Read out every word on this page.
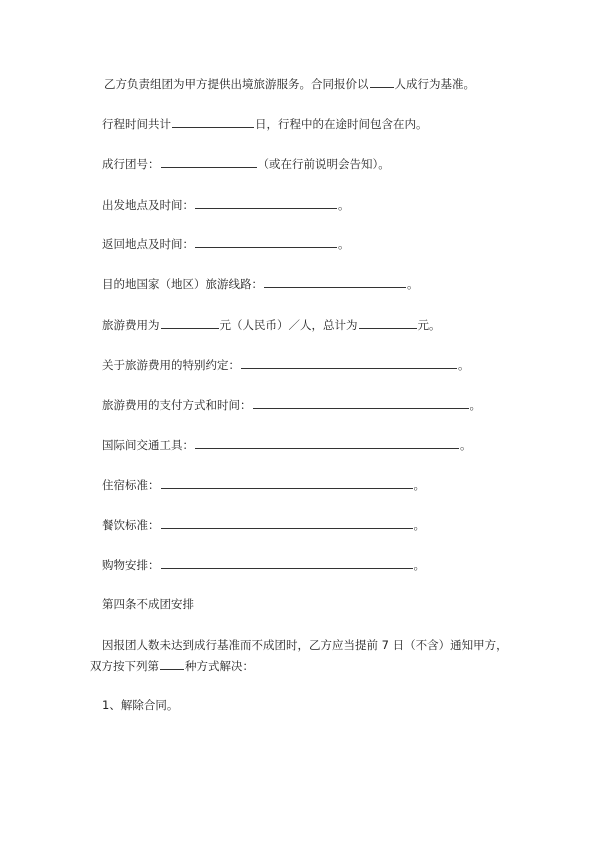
乙方负责组团为甲方提供出境旅游服务。合同报价以 人成行为基准。
行程时间共计	日，行程中的在途时间包含在内。
成行团号：	（或在行前说明会告知）。
出发地点及时间：	。
返回地点及时间：	。
目的地国家（地区）旅游线路：	。
旅游费用为	元（人民币）／人，总计为	元。
关于旅游费用的特别约定：	。
旅游费用的支付方式和时间：	。
国际间交通工具：	。
住宿标准：	。
餐饮标准：	。
购物安排：	。
第四条不成团安排
因报团人数未达到成行基准而不成团时，乙方应当提前 7 日（不含）通知甲方，
双方按下列第 种方式解决：
1、解除合同。
